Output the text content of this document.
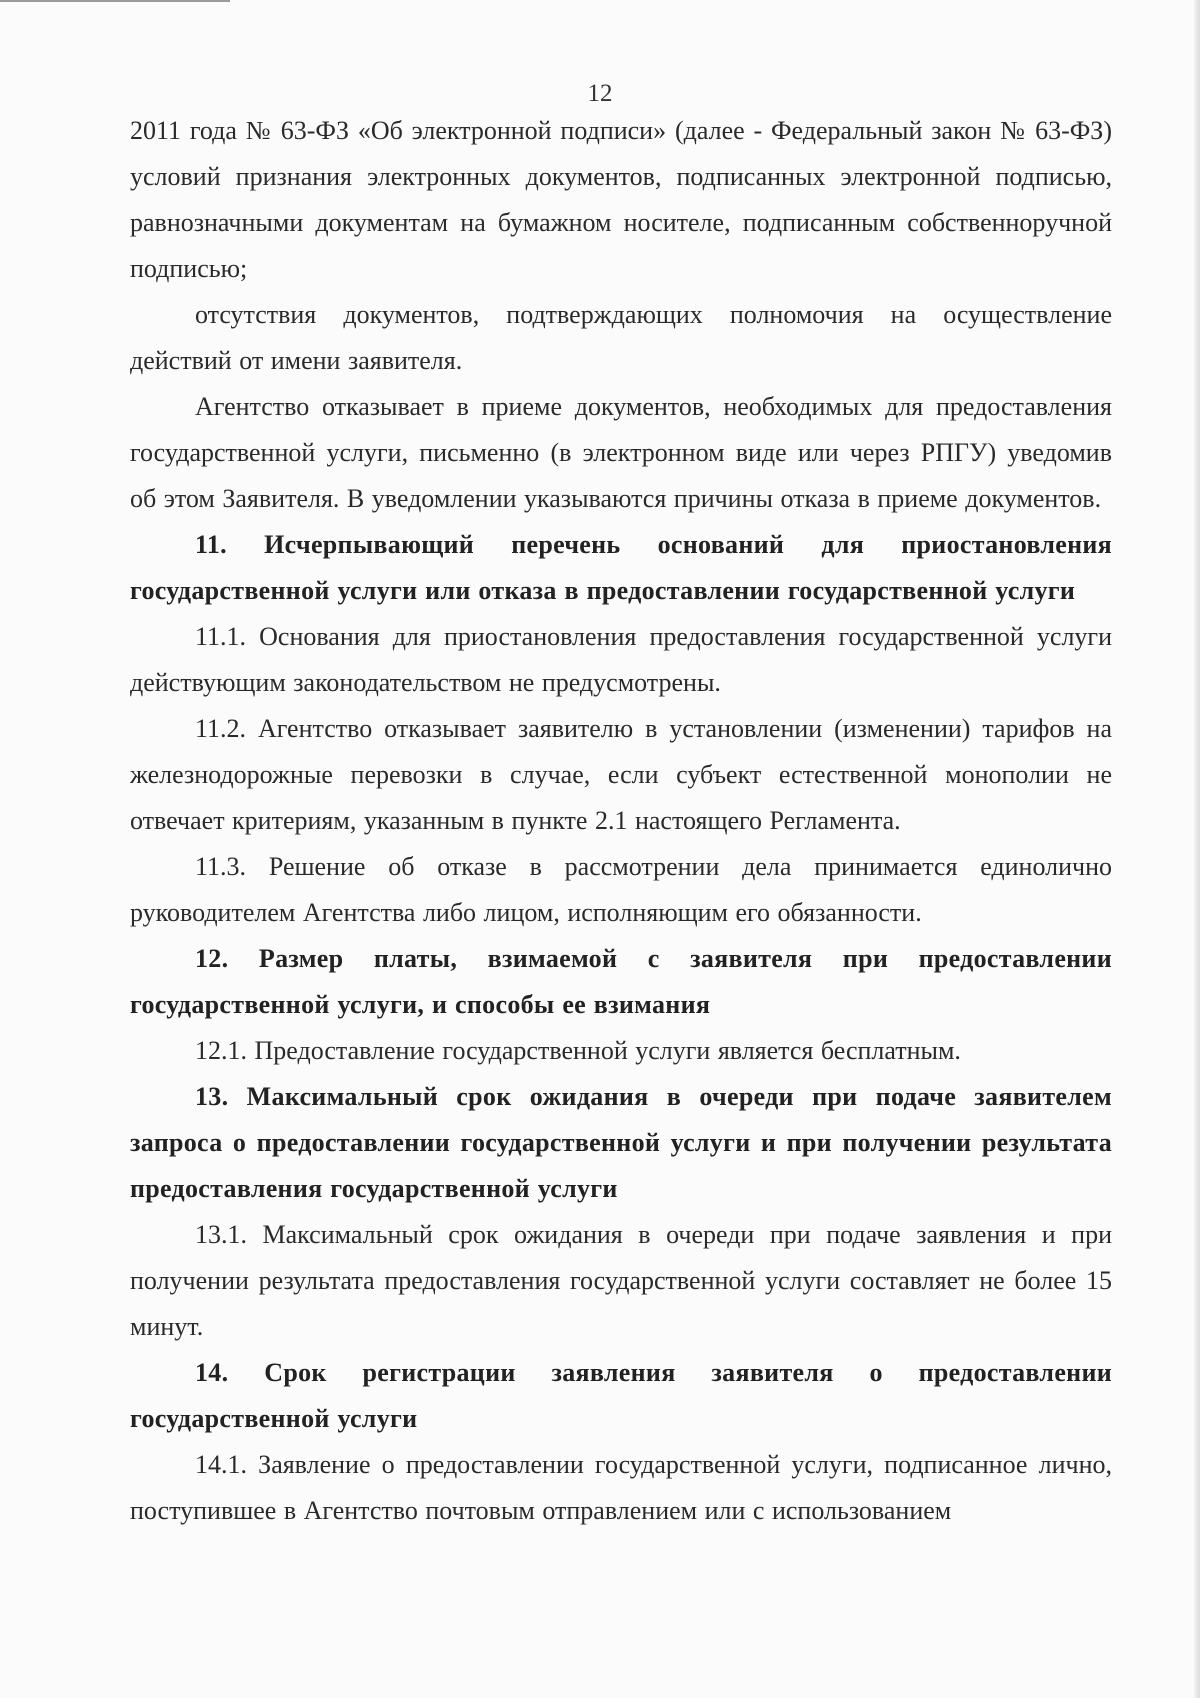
12

2011 года № 63-ФЗ «Об электронной подписи» (далее - Федеральный закон № 63-ФЗ) условий признания электронных документов, подписанных электронной подписью, равнозначными документам на бумажном носителе, подписанным собственноручной подписью;

отсутствия документов, подтверждающих полномочия на осуществление действий от имени заявителя.

Агентство отказывает в приеме документов, необходимых для предоставления государственной услуги, письменно (в электронном виде или через РПГУ) уведомив об этом Заявителя. В уведомлении указываются причины отказа в приеме документов.

11. Исчерпывающий перечень оснований для приостановления государственной услуги или отказа в предоставлении государственной услуги

11.1. Основания для приостановления предоставления государственной услуги действующим законодательством не предусмотрены.

11.2. Агентство отказывает заявителю в установлении (изменении) тарифов на железнодорожные перевозки в случае, если субъект естественной монополии не отвечает критериям, указанным в пункте 2.1 настоящего Регламента.

11.3. Решение об отказе в рассмотрении дела принимается единолично руководителем Агентства либо лицом, исполняющим его обязанности.

12. Размер платы, взимаемой с заявителя при предоставлении государственной услуги, и способы ее взимания

12.1. Предоставление государственной услуги является бесплатным.

13. Максимальный срок ожидания в очереди при подаче заявителем запроса о предоставлении государственной услуги и при получении результата предоставления государственной услуги

13.1. Максимальный срок ожидания в очереди при подаче заявления и при получении результата предоставления государственной услуги составляет не более 15 минут.

14. Срок регистрации заявления заявителя о предоставлении государственной услуги

14.1. Заявление о предоставлении государственной услуги, подписанное лично, поступившее в Агентство почтовым отправлением или с использованием
